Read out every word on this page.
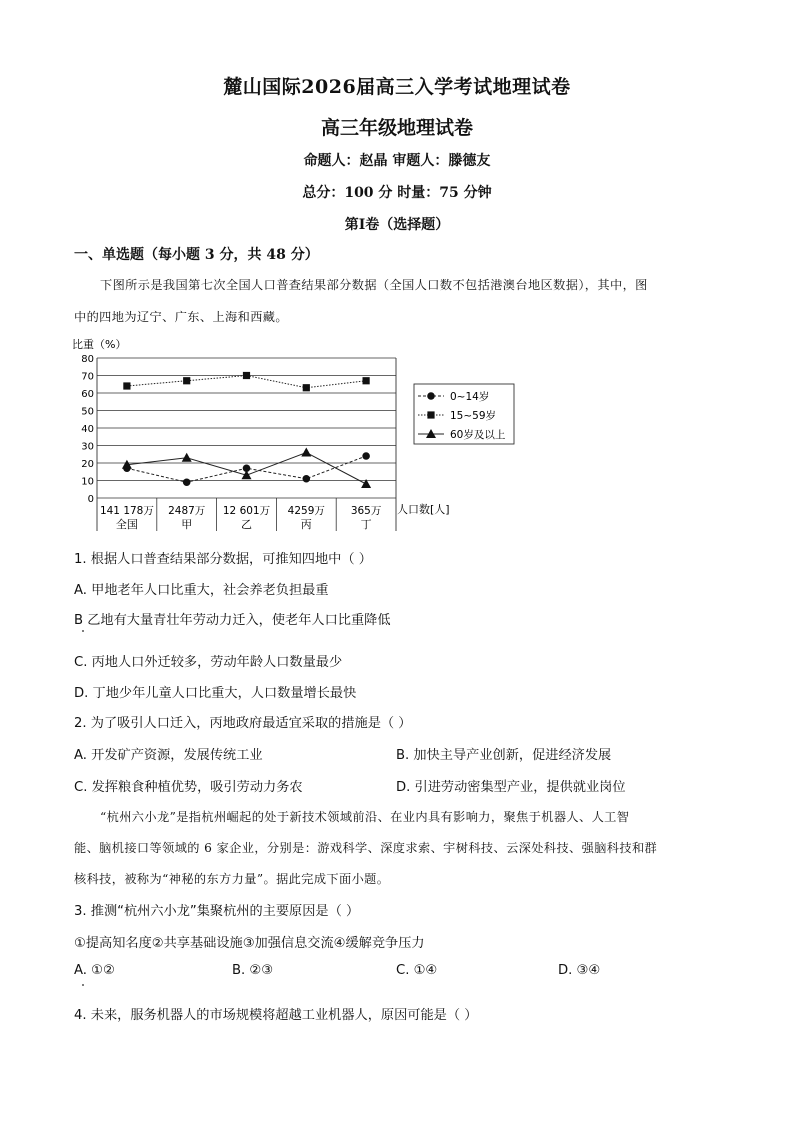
麓山国际2026届高三入学考试地理试卷
高三年级地理试卷
命题人：赵晶 审题人：滕德友
总分：100 分 时量：75 分钟
第Ⅰ卷（选择题）
一、单选题（每小题 3 分，共 48 分）
下图所示是我国第七次全国人口普查结果部分数据（全国人口数不包括港澳台地区数据），其中，图
中的四地为辽宁、广东、上海和西藏。
比重（%）
0
10
20
30
40
50
60
70
80
141 178万
全国
2487万
甲
12 601万
乙
4259万
丙
365万
丁
人口数[人]
0~14岁
15~59岁
60岁及以上
1. 根据人口普查结果部分数据，可推知四地中（ ）
A. 甲地老年人口比重大，社会养老负担最重
B 乙地有大量青壮年劳动力迁入，使老年人口比重降低
C. 丙地人口外迁较多，劳动年龄人口数量最少
D. 丁地少年儿童人口比重大，人口数量增长最快
2. 为了吸引人口迁入，丙地政府最适宜采取的措施是（ ）
A. 开发矿产资源，发展传统工业	B. 加快主导产业创新，促进经济发展
C. 发挥粮食种植优势，吸引劳动力务农	D. 引进劳动密集型产业，提供就业岗位
“杭州六小龙”是指杭州崛起的处于新技术领域前沿、在业内具有影响力，聚焦于机器人、人工智
能、脑机接口等领域的 6 家企业，分别是：游戏科学、深度求索、宇树科技、云深处科技、强脑科技和群
核科技，被称为“神秘的东方力量”。据此完成下面小题。
3. 推测“杭州六小龙”集聚杭州的主要原因是（ ）
①提高知名度②共享基础设施③加强信息交流④缓解竞争压力
A. ①②	B. ②③	C. ①④	D. ③④
4. 未来，服务机器人的市场规模将超越工业机器人，原因可能是（ ）
